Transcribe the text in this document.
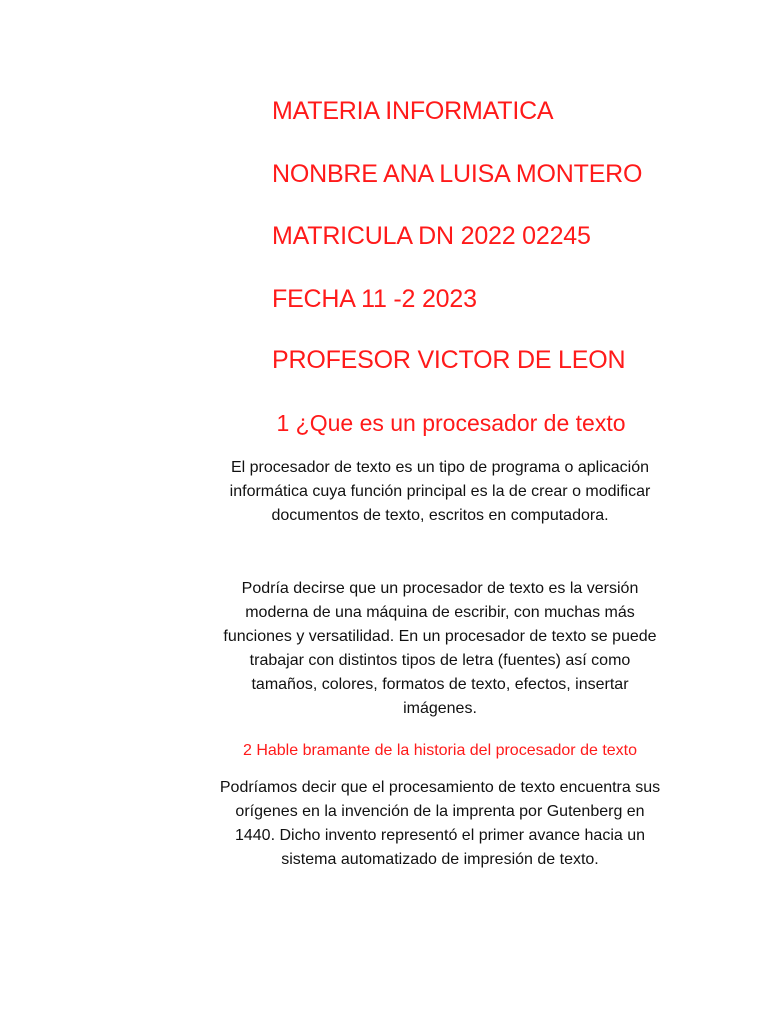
MATERIA INFORMATICA
NONBRE ANA LUISA MONTERO
MATRICULA DN 2022 02245
FECHA 11 -2 2023
PROFESOR VICTOR DE LEON
1 ¿Que es un procesador de texto
El procesador de texto es un tipo de programa o aplicación
informática cuya función principal es la de crear o modificar
documentos de texto, escritos en computadora.
Podría decirse que un procesador de texto es la versión
moderna de una máquina de escribir, con muchas más
funciones y versatilidad. En un procesador de texto se puede
trabajar con distintos tipos de letra (fuentes) así como
tamaños, colores, formatos de texto, efectos, insertar
imágenes.
2 Hable bramante de la historia del procesador de texto
Podríamos decir que el procesamiento de texto encuentra sus
orígenes en la invención de la imprenta por Gutenberg en
1440. Dicho invento representó el primer avance hacia un
sistema automatizado de impresión de texto.
